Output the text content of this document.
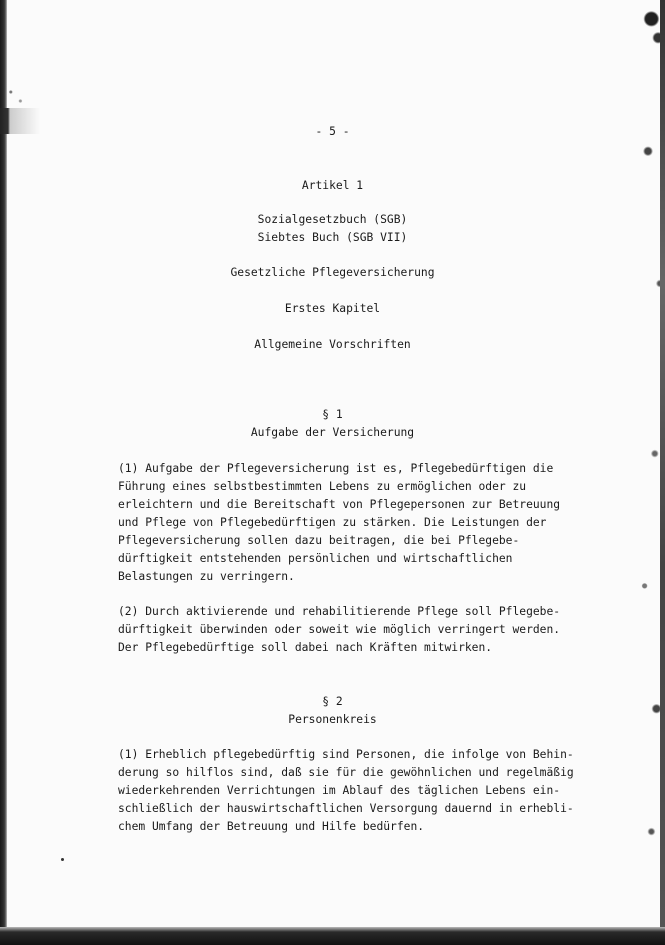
- 5 -
Artikel 1
Sozialgesetzbuch (SGB)
Siebtes Buch (SGB VII)
Gesetzliche Pflegeversicherung
Erstes Kapitel
Allgemeine Vorschriften
§ 1
Aufgabe der Versicherung
(1) Aufgabe der Pflegeversicherung ist es, Pflegebedürftigen die
Führung eines selbstbestimmten Lebens zu ermöglichen oder zu
erleichtern und die Bereitschaft von Pflegepersonen zur Betreuung
und Pflege von Pflegebedürftigen zu stärken. Die Leistungen der
Pflegeversicherung sollen dazu beitragen, die bei Pflegebe-
dürftigkeit entstehenden persönlichen und wirtschaftlichen
Belastungen zu verringern.
(2) Durch aktivierende und rehabilitierende Pflege soll Pflegebe-
dürftigkeit überwinden oder soweit wie möglich verringert werden.
Der Pflegebedürftige soll dabei nach Kräften mitwirken.
§ 2
Personenkreis
(1) Erheblich pflegebedürftig sind Personen, die infolge von Behin-
derung so hilflos sind, daß sie für die gewöhnlichen und regelmäßig
wiederkehrenden Verrichtungen im Ablauf des täglichen Lebens ein-
schließlich der hauswirtschaftlichen Versorgung dauernd in erhebli-
chem Umfang der Betreuung und Hilfe bedürfen.
